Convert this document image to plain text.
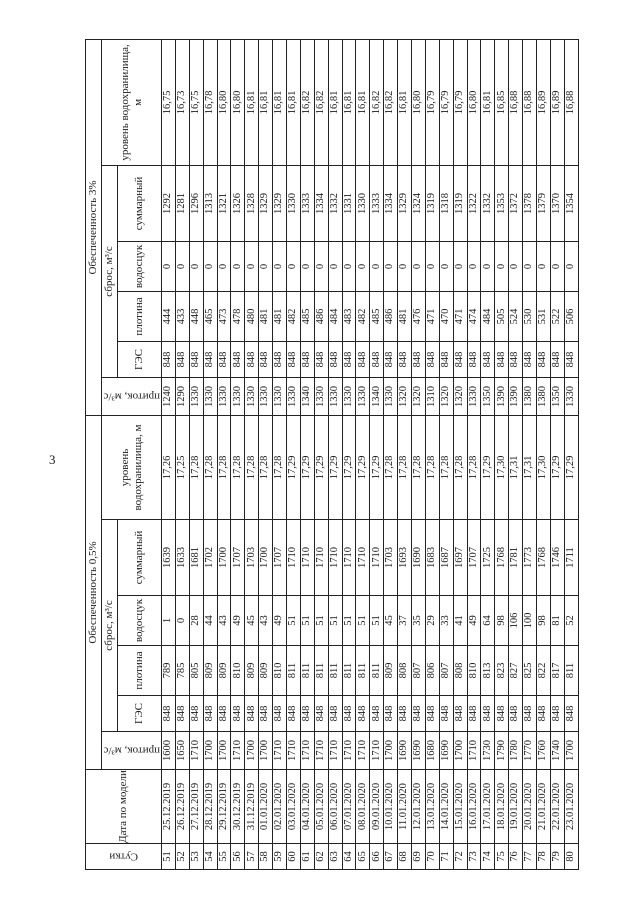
3
Сутки	Дата по модели	Обеспеченность 0,5%						Обеспеченность 3%					
		приток, м³/с	сброс, м³/с				уровень водохранилища, м	приток, м³/с	сброс, м³/с				уровень водохранилища, м
			ГЭС	плотина	водосцук	суммарный			ГЭС	плотина	водосцук	суммарный	
51	25.12.2019	1600	848	789	1	1639	17,26	1240	848	444	0	1292	16,75
52	26.12.2019	1650	848	785	0	1633	17,25	1290	848	433	0	1281	16,73
53	27.12.2019	1710	848	805	28	1681	17,28	1330	848	448	0	1296	16,75
54	28.12.2019	1700	848	809	44	1702	17,28	1330	848	465	0	1313	16,78
55	29.12.2019	1700	848	809	43	1700	17,28	1330	848	473	0	1321	16,80
56	30.12.2019	1710	848	810	49	1707	17,28	1330	848	478	0	1326	16,80
57	31.12.2019	1700	848	809	45	1703	17,28	1330	848	480	0	1328	16,81
58	01.01.2020	1700	848	809	43	1700	17,28	1330	848	481	0	1329	16,81
59	02.01.2020	1710	848	810	49	1707	17,28	1330	848	481	0	1329	16,81
60	03.01.2020	1710	848	811	51	1710	17,29	1330	848	482	0	1330	16,81
61	04.01.2020	1710	848	811	51	1710	17,29	1340	848	485	0	1333	16,82
62	05.01.2020	1710	848	811	51	1710	17,29	1330	848	486	0	1334	16,82
63	06.01.2020	1710	848	811	51	1710	17,29	1330	848	484	0	1332	16,81
64	07.01.2020	1710	848	811	51	1710	17,29	1330	848	483	0	1331	16,81
65	08.01.2020	1710	848	811	51	1710	17,29	1330	848	482	0	1330	16,81
66	09.01.2020	1710	848	811	51	1710	17,29	1340	848	485	0	1333	16,82
67	10.01.2020	1700	848	809	45	1703	17,28	1330	848	486	0	1334	16,82
68	11.01.2020	1690	848	808	37	1693	17,28	1320	848	481	0	1329	16,81
69	12.01.2020	1690	848	807	35	1690	17,28	1320	848	476	0	1324	16,80
70	13.01.2020	1680	848	806	29	1683	17,28	1310	848	471	0	1319	16,79
71	14.01.2020	1690	848	807	33	1687	17,28	1320	848	470	0	1318	16,79
72	15.01.2020	1700	848	808	41	1697	17,28	1320	848	471	0	1319	16,79
73	16.01.2020	1710	848	810	49	1707	17,28	1330	848	474	0	1322	16,80
74	17.01.2020	1730	848	813	64	1725	17,29	1350	848	484	0	1332	16,81
75	18.01.2020	1790	848	823	98	1768	17,30	1390	848	505	0	1353	16,85
76	19.01.2020	1780	848	827	106	1781	17,31	1390	848	524	0	1372	16,88
77	20.01.2020	1770	848	825	100	1773	17,31	1380	848	530	0	1378	16,88
78	21.01.2020	1760	848	822	98	1768	17,30	1380	848	531	0	1379	16,89
79	22.01.2020	1740	848	817	81	1746	17,29	1350	848	522	0	1370	16,89
80	23.01.2020	1700	848	811	52	1711	17,29	1330	848	506	0	1354	16,88
